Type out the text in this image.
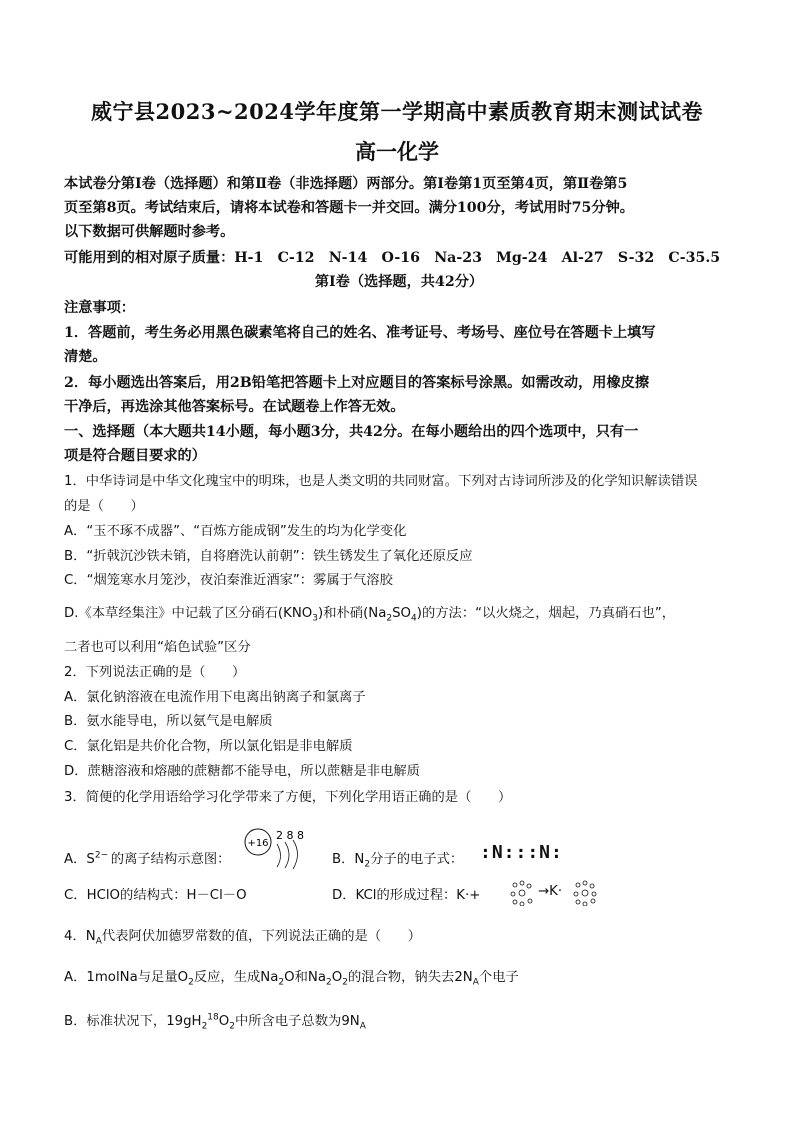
威宁县2023~2024学年度第一学期高中素质教育期末测试试卷
高一化学
本试卷分第Ⅰ卷（选择题）和第Ⅱ卷（非选择题）两部分。第Ⅰ卷第1页至第4页，第Ⅱ卷第5
页至第8页。考试结束后，请将本试卷和答题卡一并交回。满分100分，考试用时75分钟。
以下数据可供解题时参考。
可能用到的相对原子质量：H-1　C-12　N-14　O-16　Na-23　Mg-24　Al-27　S-32　C-35.5
第Ⅰ卷（选择题，共42分）
注意事项：
1．答题前，考生务必用黑色碳素笔将自己的姓名、准考证号、考场号、座位号在答题卡上填写
清楚。
2．每小题选出答案后，用2B铅笔把答题卡上对应题目的答案标号涂黑。如需改动，用橡皮擦
干净后，再选涂其他答案标号。在试题卷上作答无效。
一、选择题（本大题共14小题，每小题3分，共42分。在每小题给出的四个选项中，只有一
项是符合题目要求的）
1．中华诗词是中华文化瑰宝中的明珠，也是人类文明的共同财富。下列对古诗词所涉及的化学知识解读错误
的是（　　）
A．“玉不琢不成器”、“百炼方能成钢”发生的均为化学变化
B．“折戟沉沙铁未销，自将磨洗认前朝”：铁生锈发生了氧化还原反应
C．“烟笼寒水月笼沙，夜泊秦淮近酒家”：雾属于气溶胶
D.《本草经集注》中记载了区分硝石$(KNO_3)$和朴硝$(Na_2SO_4)$的方法：“以火烧之，烟起，乃真硝石也”，
二者也可以利用“焰色试验”区分
2．下列说法正确的是（　　）
A．氯化钠溶液在电流作用下电离出钠离子和氯离子
B．氨水能导电，所以氨气是电解质
C．氯化铝是共价化合物，所以氯化铝是非电解质
D．蔗糖溶液和熔融的蔗糖都不能导电，所以蔗糖是非电解质
3．简便的化学用语给学习化学带来了方便，下列化学用语正确的是（　　）
A．$S^{2-}$  的离子结构示意图：
+16
2 8 8
B．$N_2$分子的电子式： :N:::N:
C．HClO的结构式：H－Cl－O	D．KCl的形成过程：K·+	→K·
4．$N_A$代表阿伏加德罗常数的值，下列说法正确的是（　　）
A．1molNa与足量$O_2$反应，生成$Na_2O$和$Na_2O_2$的混合物，钠失去$2N_A$个电子
B．标准状况下，$19gH_2^{18}O_2$中所含电子总数为$9N_A$
